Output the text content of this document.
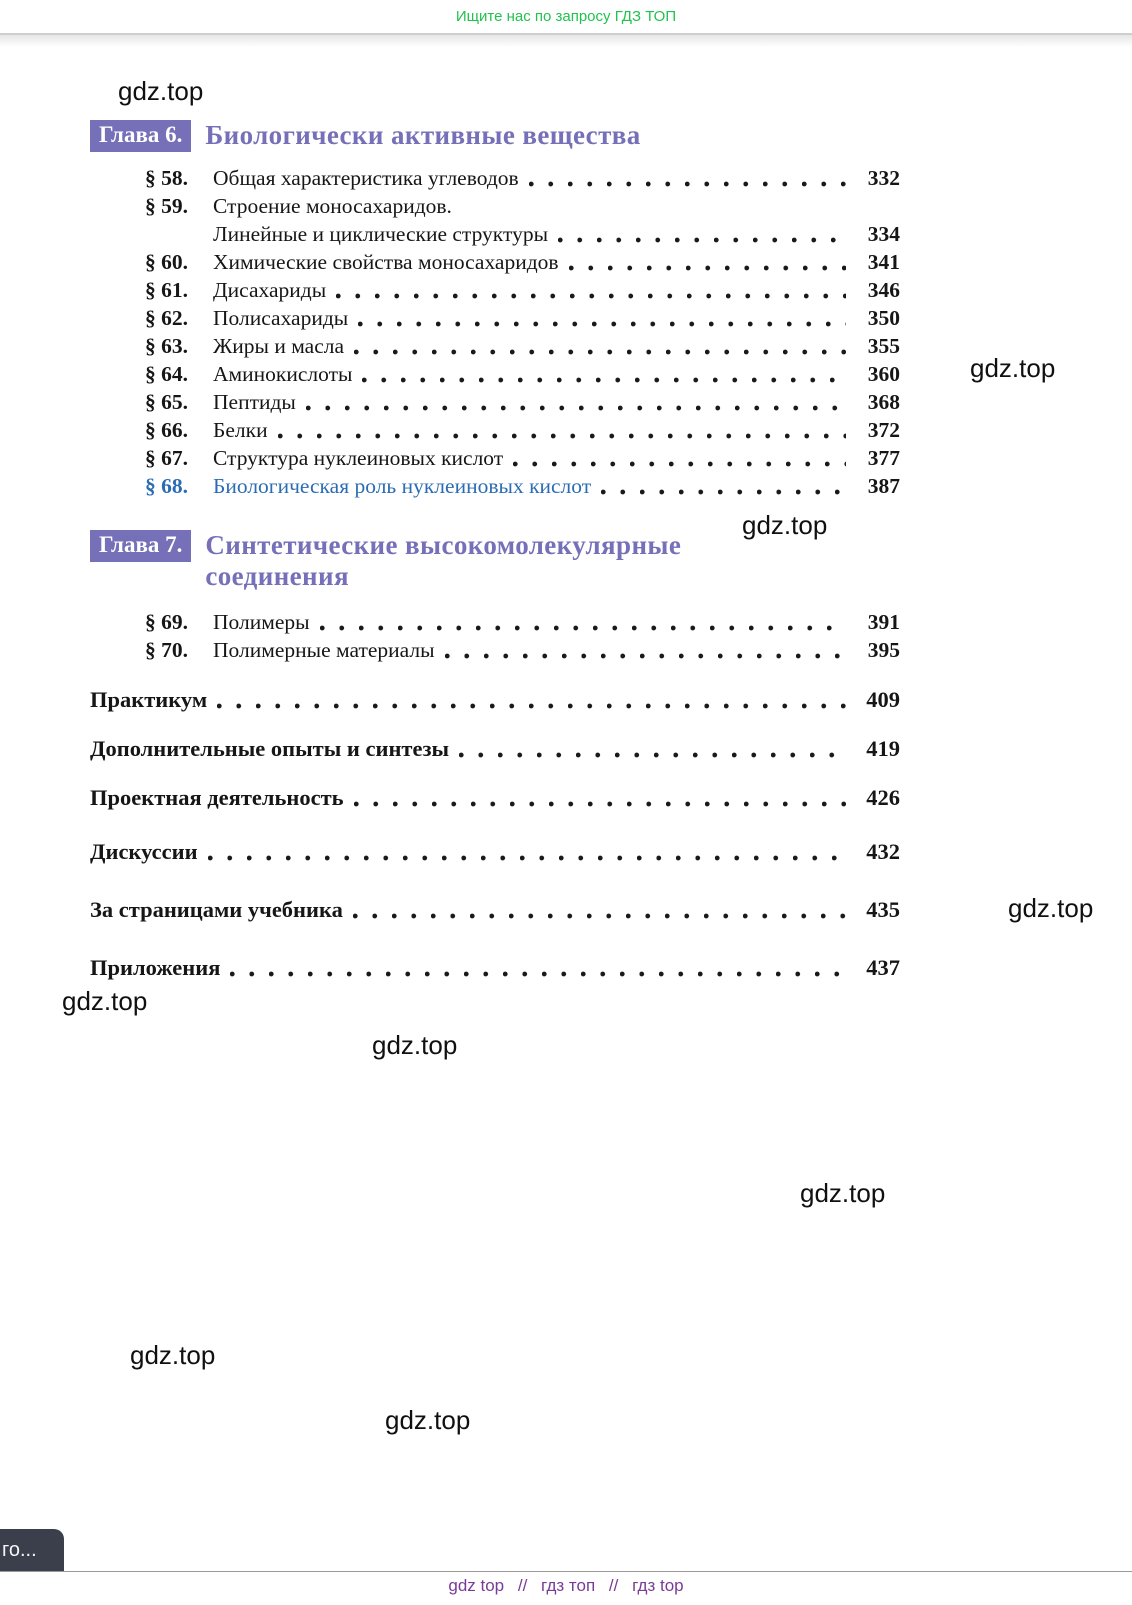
Ищите нас по запросу ГДЗ ТОП
Глава 6. Биологически активные вещества
§ 58.	Общая характеристика углеводов	332
§ 59.	Строение моносахаридов.
Линейные и циклические структуры	334
§ 60.	Химические свойства моносахаридов	341
§ 61.	Дисахариды	346
§ 62.	Полисахариды	350
§ 63.	Жиры и масла	355
§ 64.	Аминокислоты	360
§ 65.	Пептиды	368
§ 66.	Белки	372
§ 67.	Структура нуклеиновых кислот	377
§ 68.	Биологическая роль нуклеиновых кислот	387
Глава 7. Синтетические высокомолекулярные соединения
§ 69.	Полимеры	391
§ 70.	Полимерные материалы	395
Практикум	409
Дополнительные опыты и синтезы	419
Проектная деятельность	426
Дискуссии	432
За страницами учебника	435
Приложения	437
го...
gdz top // гдз топ // гдз top
gdz.top
gdz.top
gdz.top
gdz.top
gdz.top
gdz.top
gdz.top
gdz.top
gdz.top
